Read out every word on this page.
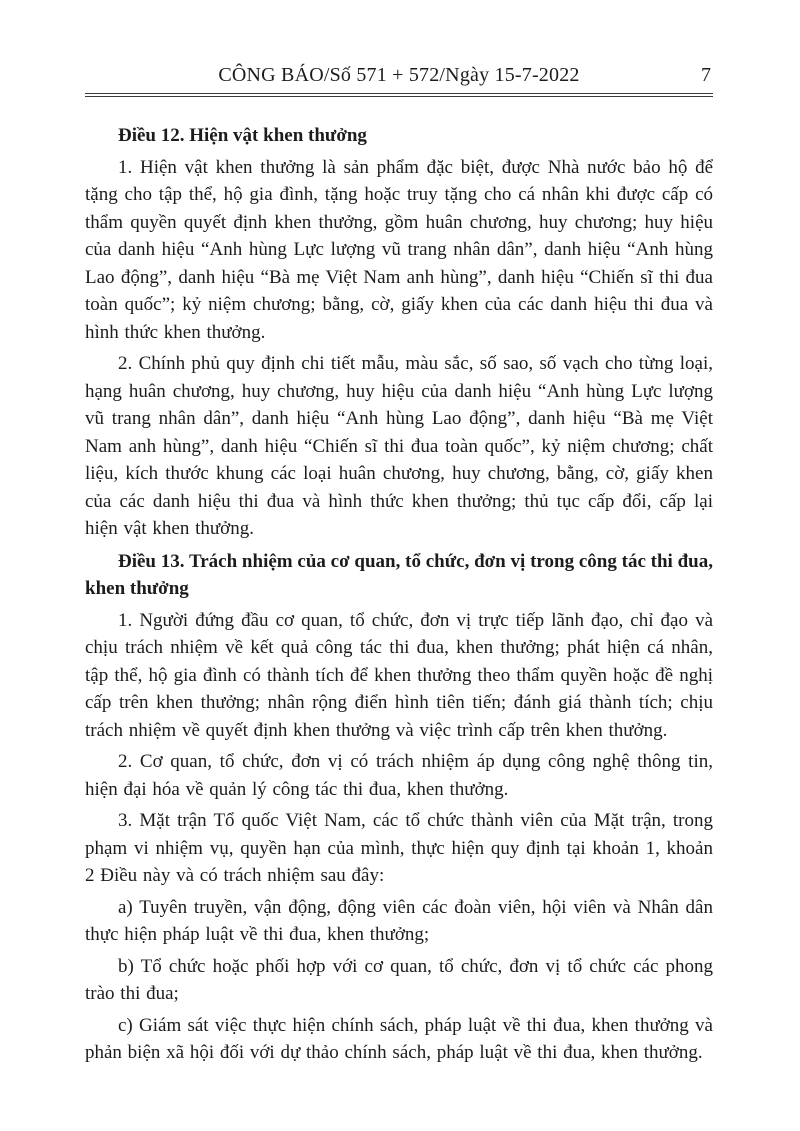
CÔNG BÁO/Số 571 + 572/Ngày 15-7-2022	7
Điều 12. Hiện vật khen thưởng

1. Hiện vật khen thưởng là sản phẩm đặc biệt, được Nhà nước bảo hộ để tặng cho tập thể, hộ gia đình, tặng hoặc truy tặng cho cá nhân khi được cấp có thẩm quyền quyết định khen thưởng, gồm huân chương, huy chương; huy hiệu của danh hiệu “Anh hùng Lực lượng vũ trang nhân dân”, danh hiệu “Anh hùng Lao động”, danh hiệu “Bà mẹ Việt Nam anh hùng”, danh hiệu “Chiến sĩ thi đua toàn quốc”; kỷ niệm chương; bằng, cờ, giấy khen của các danh hiệu thi đua và hình thức khen thưởng.

2. Chính phủ quy định chi tiết mẫu, màu sắc, số sao, số vạch cho từng loại, hạng huân chương, huy chương, huy hiệu của danh hiệu “Anh hùng Lực lượng vũ trang nhân dân”, danh hiệu “Anh hùng Lao động”, danh hiệu “Bà mẹ Việt Nam anh hùng”, danh hiệu “Chiến sĩ thi đua toàn quốc”, kỷ niệm chương; chất liệu, kích thước khung các loại huân chương, huy chương, bằng, cờ, giấy khen của các danh hiệu thi đua và hình thức khen thưởng; thủ tục cấp đổi, cấp lại hiện vật khen thưởng.

Điều 13. Trách nhiệm của cơ quan, tổ chức, đơn vị trong công tác thi đua, khen thưởng

1. Người đứng đầu cơ quan, tổ chức, đơn vị trực tiếp lãnh đạo, chỉ đạo và chịu trách nhiệm về kết quả công tác thi đua, khen thưởng; phát hiện cá nhân, tập thể, hộ gia đình có thành tích để khen thưởng theo thẩm quyền hoặc đề nghị cấp trên khen thưởng; nhân rộng điển hình tiên tiến; đánh giá thành tích; chịu trách nhiệm về quyết định khen thưởng và việc trình cấp trên khen thưởng.

2. Cơ quan, tổ chức, đơn vị có trách nhiệm áp dụng công nghệ thông tin, hiện đại hóa về quản lý công tác thi đua, khen thưởng.

3. Mặt trận Tổ quốc Việt Nam, các tổ chức thành viên của Mặt trận, trong phạm vi nhiệm vụ, quyền hạn của mình, thực hiện quy định tại khoản 1, khoản 2 Điều này và có trách nhiệm sau đây:

a) Tuyên truyền, vận động, động viên các đoàn viên, hội viên và Nhân dân thực hiện pháp luật về thi đua, khen thưởng;

b) Tổ chức hoặc phối hợp với cơ quan, tổ chức, đơn vị tổ chức các phong trào thi đua;

c) Giám sát việc thực hiện chính sách, pháp luật về thi đua, khen thưởng và phản biện xã hội đối với dự thảo chính sách, pháp luật về thi đua, khen thưởng.
